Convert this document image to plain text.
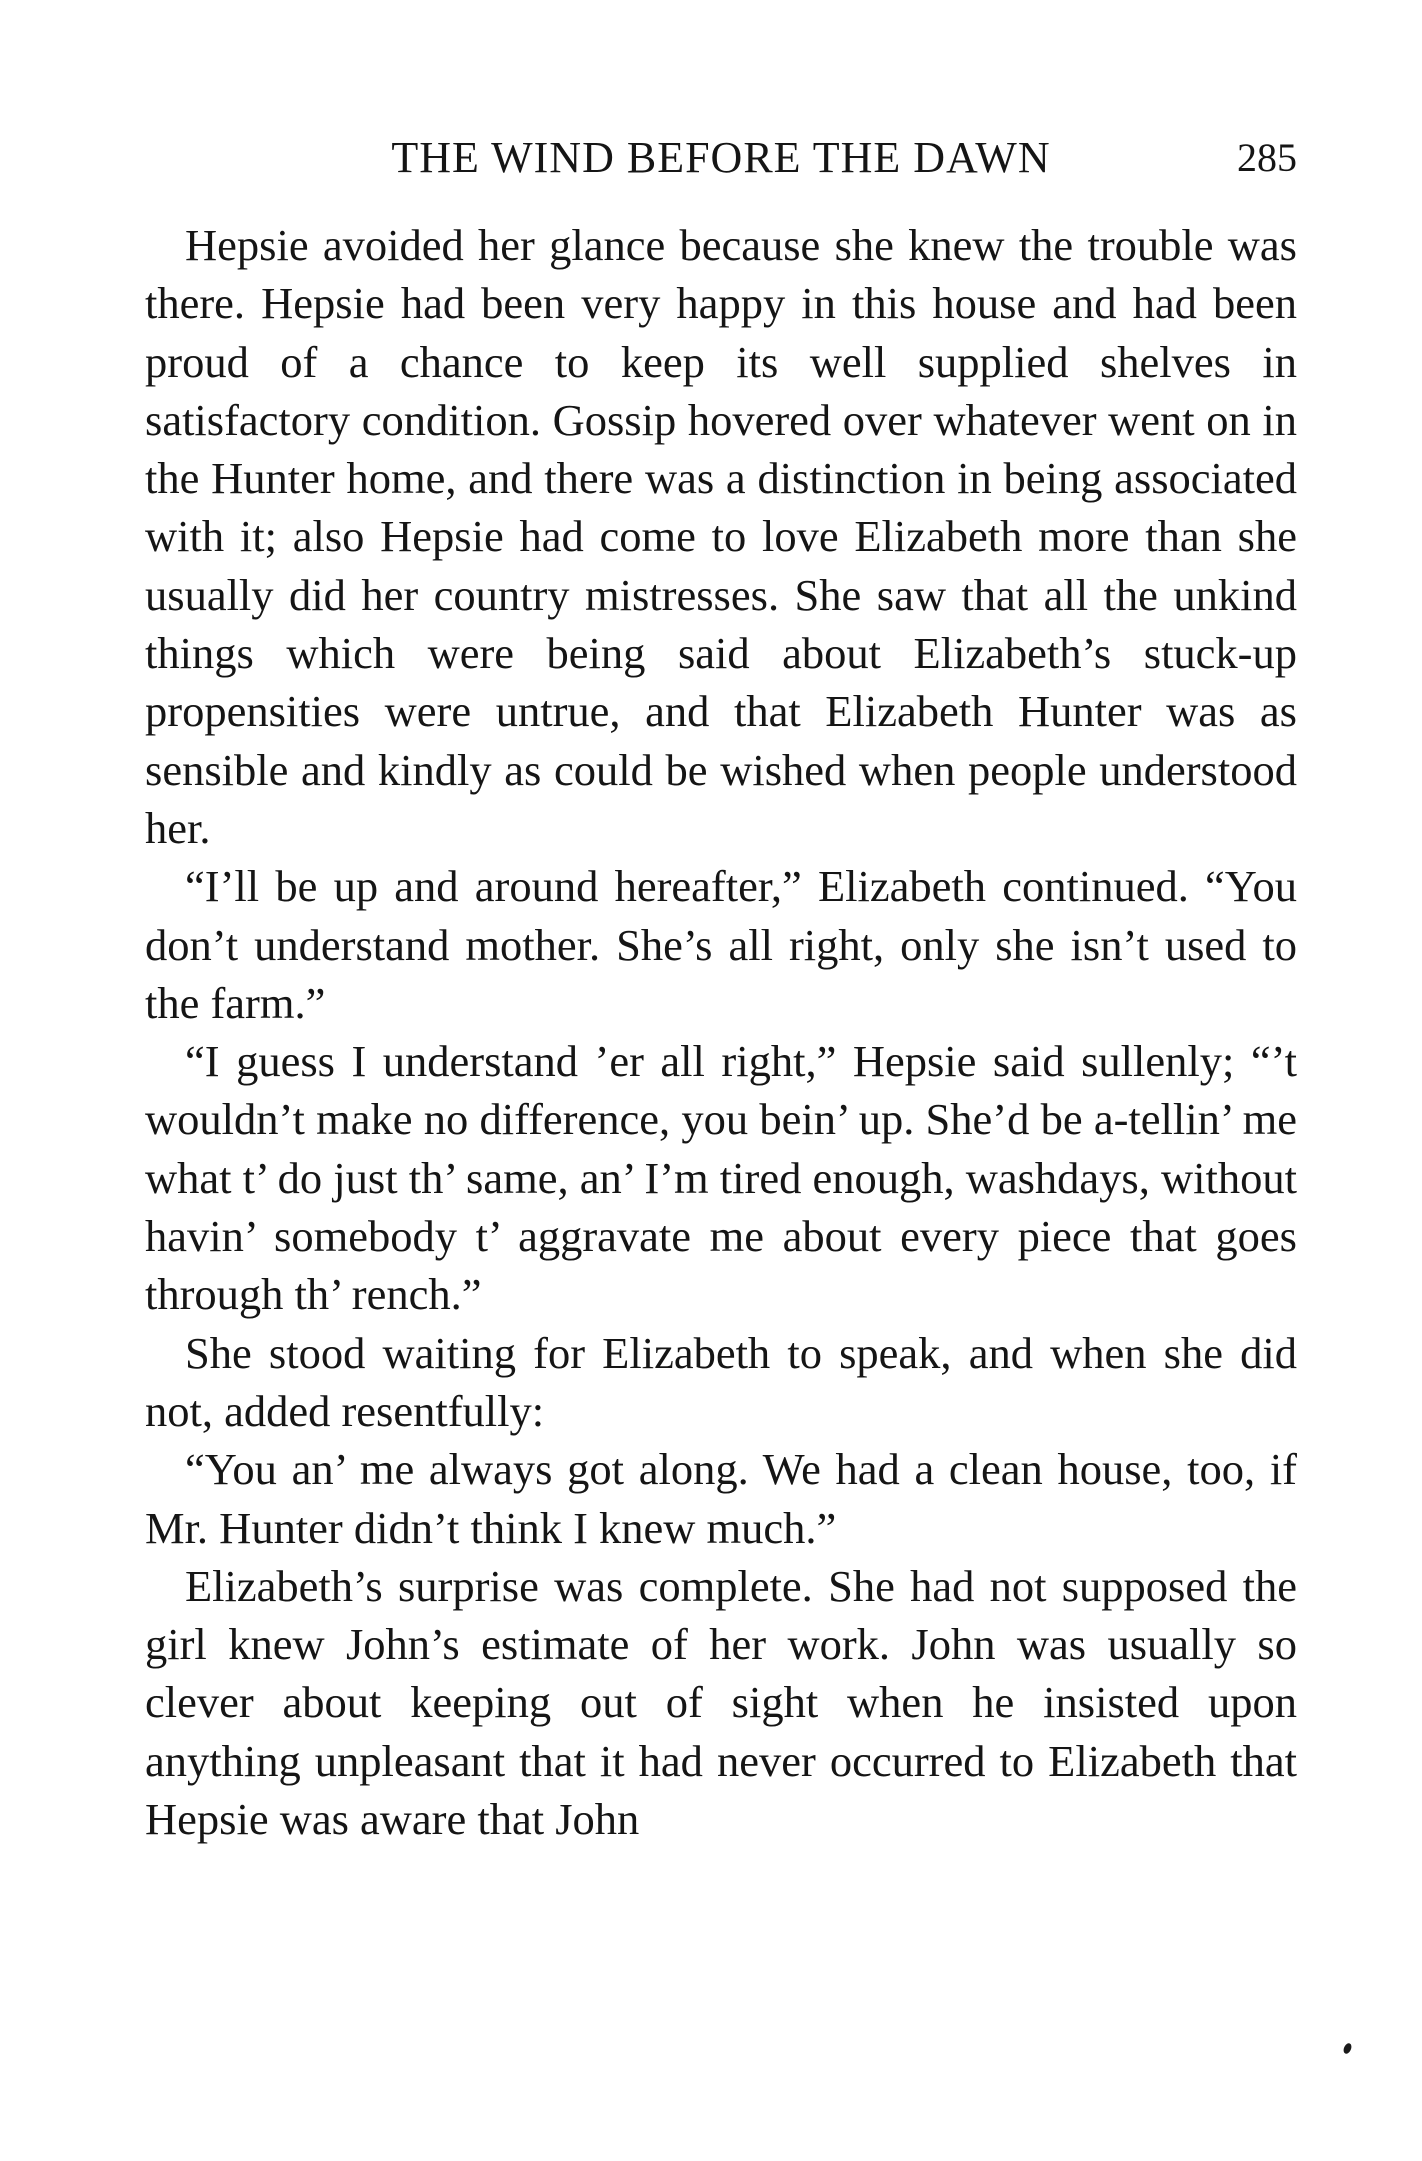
THE WIND BEFORE THE DAWN	285

Hepsie avoided her glance because she knew the trouble was there. Hepsie had been very happy in this house and had been proud of a chance to keep its well supplied shelves in satisfactory condition. Gossip hovered over whatever went on in the Hunter home, and there was a distinction in being associated with it; also Hepsie had come to love Elizabeth more than she usually did her country mistresses. She saw that all the unkind things which were being said about Elizabeth’s stuck-up propensities were untrue, and that Elizabeth Hunter was as sensible and kindly as could be wished when people understood her.

“I’ll be up and around hereafter,” Elizabeth continued. “You don’t understand mother. She’s all right, only she isn’t used to the farm.”

“I guess I understand ’er all right,” Hepsie said sullenly; “’t wouldn’t make no difference, you bein’ up. She’d be a-tellin’ me what t’ do just th’ same, an’ I’m tired enough, washdays, without havin’ somebody t’ aggravate me about every piece that goes through th’ rench.”

She stood waiting for Elizabeth to speak, and when she did not, added resentfully:

“You an’ me always got along. We had a clean house, too, if Mr. Hunter didn’t think I knew much.”

Elizabeth’s surprise was complete. She had not supposed the girl knew John’s estimate of her work. John was usually so clever about keeping out of sight when he insisted upon anything unpleasant that it had never occurred to Elizabeth that Hepsie was aware that John
